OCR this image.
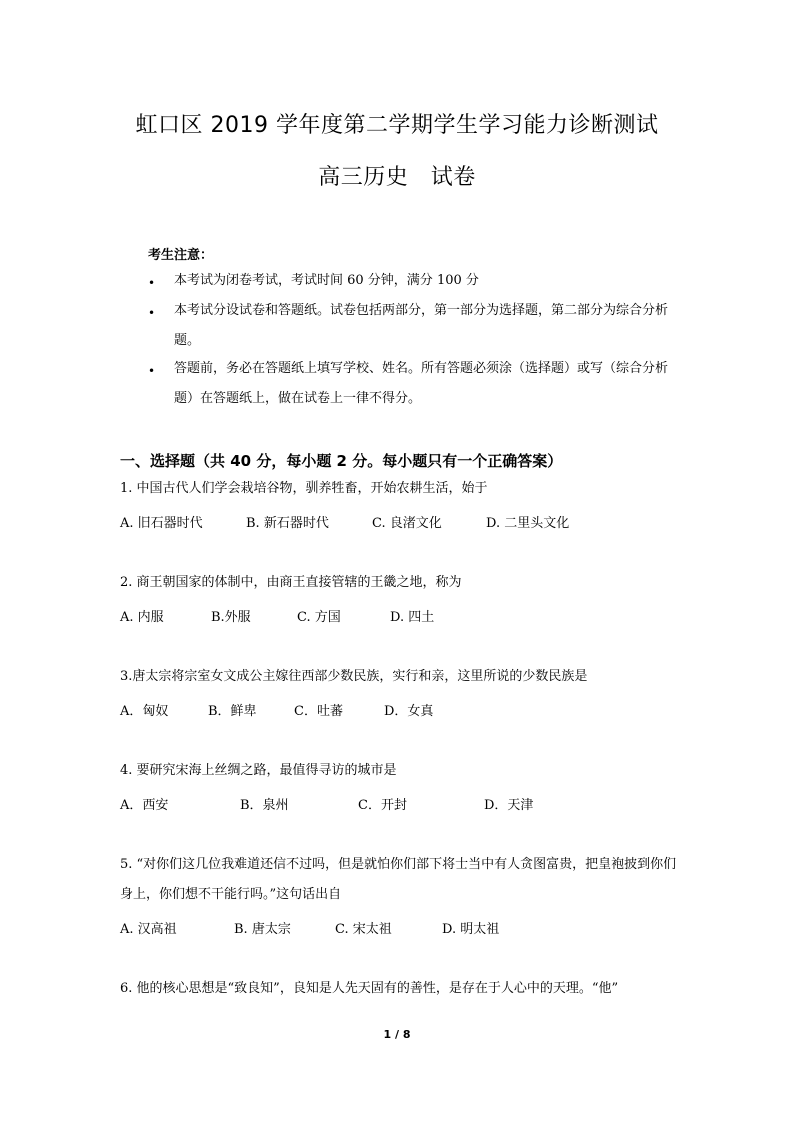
虹口区 2019 学年度第二学期学生学习能力诊断测试
高三历史　试卷
考生注意：
• 本考试为闭卷考试，考试时间 60 分钟，满分 100 分
• 本考试分设试卷和答题纸。试卷包括两部分，第一部分为选择题，第二部分为综合分析题。
• 答题前，务必在答题纸上填写学校、姓名。所有答题必须涂（选择题）或写（综合分析题）在答题纸上，做在试卷上一律不得分。
一、选择题（共 40 分，每小题 2 分。每小题只有一个正确答案）
1. 中国古代人们学会栽培谷物，驯养牲畜，开始农耕生活，始于
A. 旧石器时代	B. 新石器时代	C. 良渚文化	D. 二里头文化
2. 商王朝国家的体制中，由商王直接管辖的王畿之地，称为
A. 内服	B.外服	C. 方国	D. 四土
3.唐太宗将宗室女文成公主嫁往西部少数民族，实行和亲，这里所说的少数民族是
A．匈奴	B．鲜卑	C．吐蕃	D．女真
4. 要研究宋海上丝绸之路，最值得寻访的城市是
A．西安	B．泉州	C．开封	D．天津
5. “对你们这几位我难道还信不过吗，但是就怕你们部下将士当中有人贪图富贵，把皇袍披到你们身上，你们想不干能行吗。”这句话出自
A. 汉高祖	B. 唐太宗	C. 宋太祖	D. 明太祖
6. 他的核心思想是“致良知”，良知是人先天固有的善性，是存在于人心中的天理。“他”
1 / 8
